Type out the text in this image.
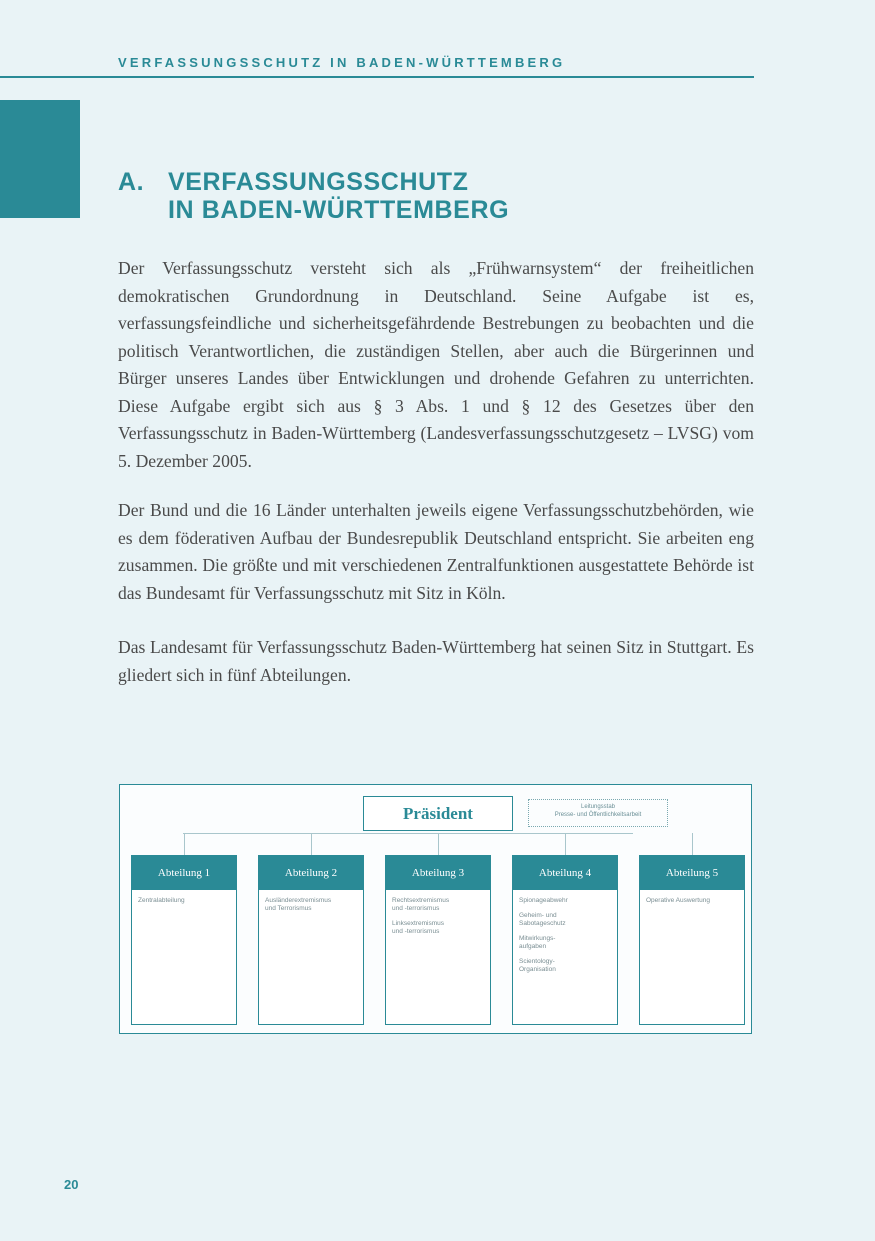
VERFASSUNGSSCHUTZ IN BADEN-WÜRTTEMBERG
A. VERFASSUNGSSCHUTZ
IN BADEN-WÜRTTEMBERG

Der Verfassungsschutz versteht sich als „Frühwarnsystem“ der freiheitlichen demokratischen Grundordnung in Deutschland. Seine Aufgabe ist es, verfassungsfeindliche und sicherheitsgefährdende Bestrebungen zu beobachten und die politisch Verantwortlichen, die zuständigen Stellen, aber auch die Bürgerinnen und Bürger unseres Landes über Entwicklungen und drohende Gefahren zu unterrichten. Diese Aufgabe ergibt sich aus § 3 Abs. 1 und § 12 des Gesetzes über den Verfassungsschutz in Baden-Württemberg (Landesverfassungsschutzgesetz – LVSG) vom 5. Dezember 2005.

Der Bund und die 16 Länder unterhalten jeweils eigene Verfassungsschutzbehörden, wie es dem föderativen Aufbau der Bundesrepublik Deutschland entspricht. Sie arbeiten eng zusammen. Die größte und mit verschiedenen Zentralfunktionen ausgestattete Behörde ist das Bundesamt für Verfassungsschutz mit Sitz in Köln.

Das Landesamt für Verfassungsschutz Baden-Württemberg hat seinen Sitz in Stuttgart. Es gliedert sich in fünf Abteilungen.

Präsident	Leitungsstab
Presse- und Öffentlichkeitsarbeit
Abteilung 1
Zentralabteilung
Abteilung 2
Ausländerextremismus
und Terrorismus
Abteilung 3
Rechtsextremismus
und -terrorismus
Linksextremismus
und -terrorismus
Abteilung 4
Spionageabwehr
Geheim- und
Sabotageschutz
Mitwirkungs-
aufgaben
Scientology-
Organisation
Abteilung 5
Operative Auswertung
20
